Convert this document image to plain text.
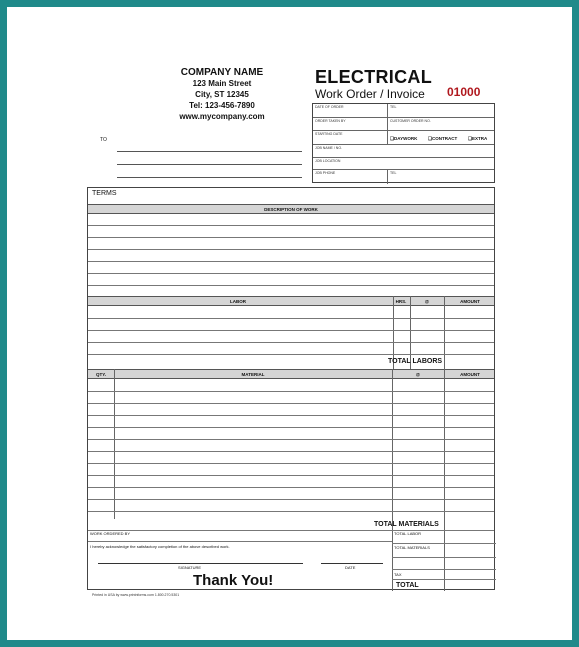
COMPANY NAME
123 Main Street
City, ST 12345
Tel: 123-456-7890
www.mycompany.com
ELECTRICAL
Work Order / Invoice 01000
TO
DATE OF ORDER	TEL
ORDER TAKEN BY	CUSTOMER ORDER NO.
STARTING DATE
❑DAYWORK ❑CONTRACT ❑EXTRA
JOB NAME / NO.
JOB LOCATION
JOB PHONE	TEL
TERMS
DESCRIPTION OF WORK
LABOR	HRS.	@	AMOUNT
TOTAL LABORS
QTY.	MATERIAL	@	AMOUNT
TOTAL MATERIALS
WORK ORDERED BY
I hereby acknowledge the satisfactory completion of the above described work.
SIGNATURE	DATE
Thank You!
TOTAL LABOR
TOTAL MATERIALS
TAX
TOTAL
Printed in USA by www.printnforms.com 1.800.270.5301
